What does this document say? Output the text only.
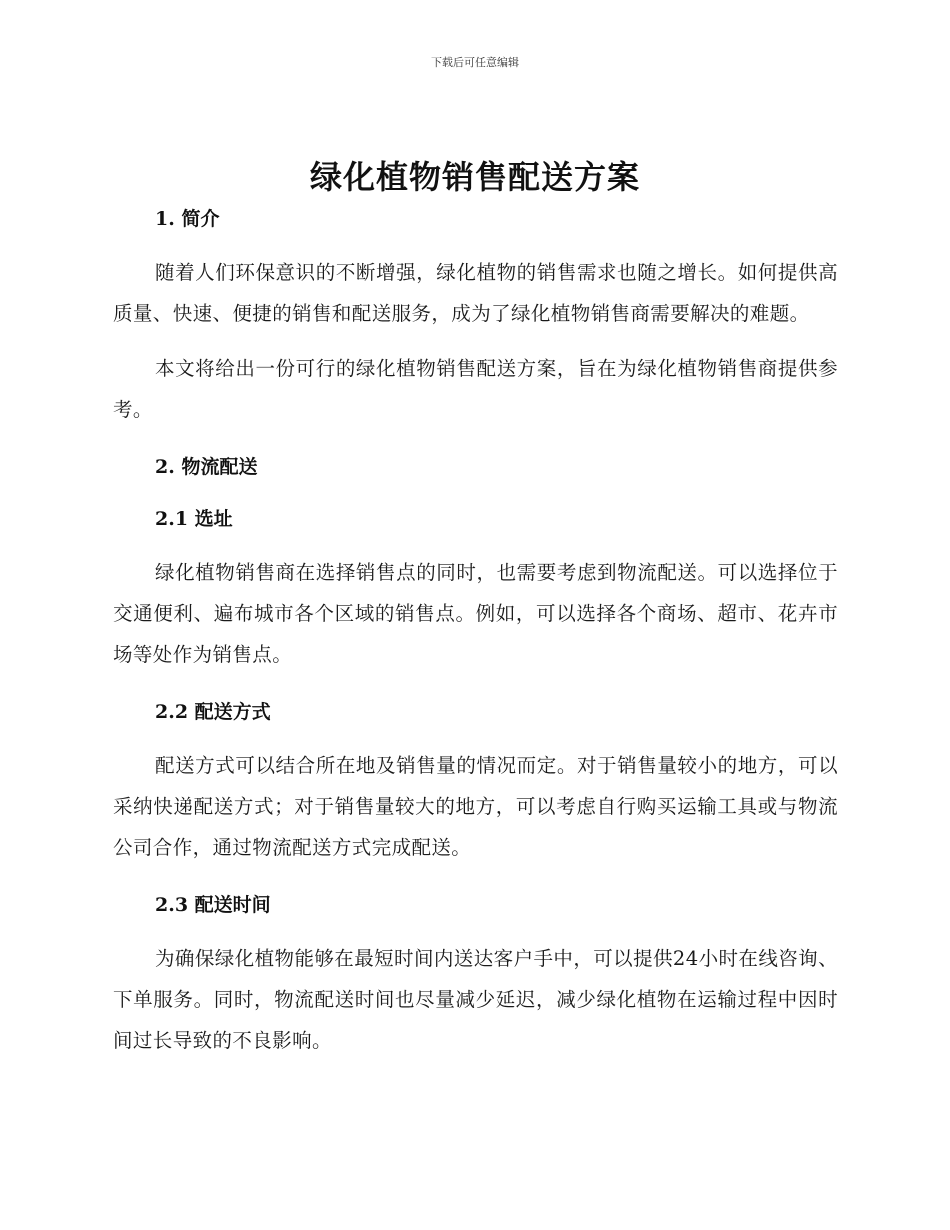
下载后可任意编辑
绿化植物销售配送方案
1. 简介

随着人们环保意识的不断增强，绿化植物的销售需求也随之增长。如何提供高质量、快速、便捷的销售和配送服务，成为了绿化植物销售商需要解决的难题。

本文将给出一份可行的绿化植物销售配送方案，旨在为绿化植物销售商提供参考。

2. 物流配送
2.1 选址

绿化植物销售商在选择销售点的同时，也需要考虑到物流配送。可以选择位于交通便利、遍布城市各个区域的销售点。例如，可以选择各个商场、超市、花卉市场等处作为销售点。

2.2 配送方式

配送方式可以结合所在地及销售量的情况而定。对于销售量较小的地方，可以采纳快递配送方式；对于销售量较大的地方，可以考虑自行购买运输工具或与物流公司合作，通过物流配送方式完成配送。

2.3 配送时间

为确保绿化植物能够在最短时间内送达客户手中，可以提供24小时在线咨询、下单服务。同时，物流配送时间也尽量减少延迟，减少绿化植物在运输过程中因时间过长导致的不良影响。
